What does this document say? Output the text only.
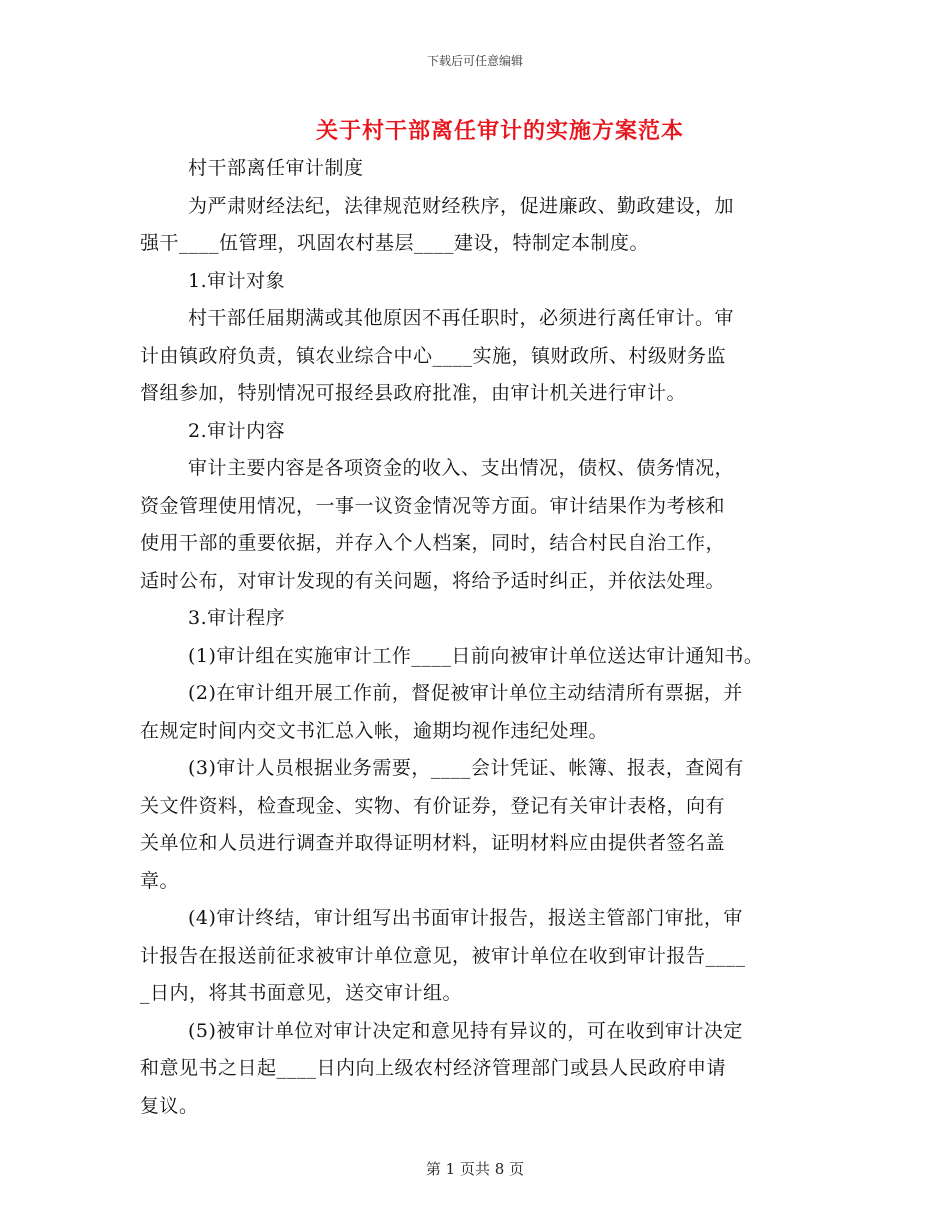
下载后可任意编辑
关于村干部离任审计的实施方案范本
村干部离任审计制度
为严肃财经法纪，法律规范财经秩序，促进廉政、勤政建设，加
强干____伍管理，巩固农村基层____建设，特制定本制度。
1.审计对象
村干部任届期满或其他原因不再任职时，必须进行离任审计。审
计由镇政府负责，镇农业综合中心____实施，镇财政所、村级财务监
督组参加，特别情况可报经县政府批准，由审计机关进行审计。
2.审计内容
审计主要内容是各项资金的收入、支出情况，债权、债务情况，
资金管理使用情况，一事一议资金情况等方面。审计结果作为考核和
使用干部的重要依据，并存入个人档案，同时，结合村民自治工作，
适时公布，对审计发现的有关问题，将给予适时纠正，并依法处理。
3.审计程序
(1)审计组在实施审计工作____日前向被审计单位送达审计通知书。
(2)在审计组开展工作前，督促被审计单位主动结清所有票据，并
在规定时间内交文书汇总入帐，逾期均视作违纪处理。
(3)审计人员根据业务需要，____会计凭证、帐簿、报表，查阅有
关文件资料，检查现金、实物、有价证券，登记有关审计表格，向有
关单位和人员进行调查并取得证明材料，证明材料应由提供者签名盖
章。
(4)审计终结，审计组写出书面审计报告，报送主管部门审批，审
计报告在报送前征求被审计单位意见，被审计单位在收到审计报告____
_日内，将其书面意见，送交审计组。
(5)被审计单位对审计决定和意见持有异议的，可在收到审计决定
和意见书之日起____日内向上级农村经济管理部门或县人民政府申请
复议。
第 1 页共 8 页
